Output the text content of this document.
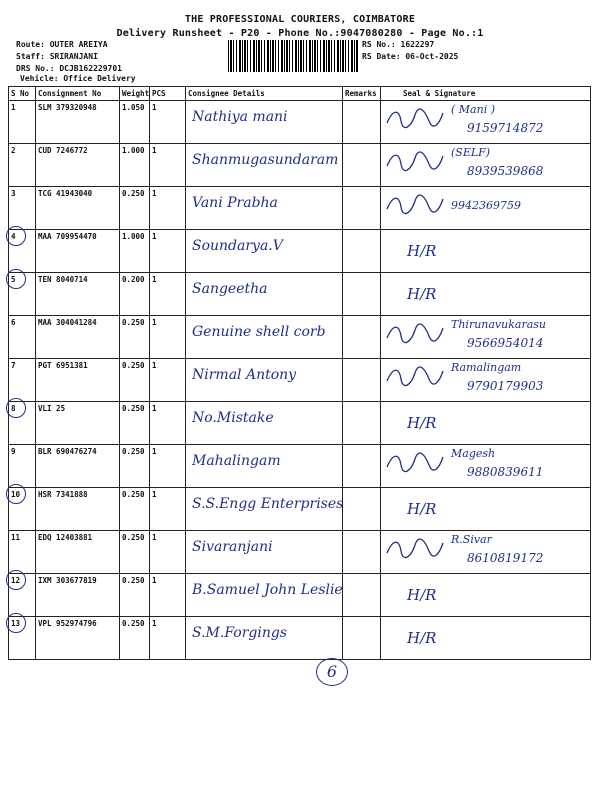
THE PROFESSIONAL COURIERS, COIMBATORE
Delivery Runsheet - P20 - Phone No.:9047080280 - Page No.:1
Route: OUTER AREIYA
Staff: SRIRANJANI
DRS No.: DCJB162229701
Vehicle: Office Delivery
RS No.: 1622297
RS Date: 06-Oct-2025
S No	Consignment No	Weight	PCS	Consignee Details	Remarks	Seal & Signature
1	SLM 379320948	1.050	1	Nathiya mani		( Mani )
9159714872

2	CUD 7246772	1.000	1	Shanmugasundaram		(SELF)
8939539868

3	TCG 41943040	0.250	1	Vani Prabha		9942369759

4	MAA 709954470	1.000	1	Soundarya.V		H/R

5	TEN 8040714	0.200	1	Sangeetha		H/R

6	MAA 304041284	0.250	1	Genuine shell corb		Thirunavukarasu
9566954014

7	PGT 6951381	0.250	1	Nirmal Antony		Ramalingam
9790179903

8	VLI 25	0.250	1	No.Mistake		H/R

9	BLR 690476274	0.250	1	Mahalingam		Magesh
9880839611

10	HSR 7341888	0.250	1	S.S.Engg Enterprises		H/R

11	EDQ 12403881	0.250	1	Sivaranjani		R.Sivar
8610819172

12	IXM 303677819	0.250	1	B.Samuel John Leslie		H/R

13	VPL 952974796	0.250	1	S.M.Forgings		H/R
6
